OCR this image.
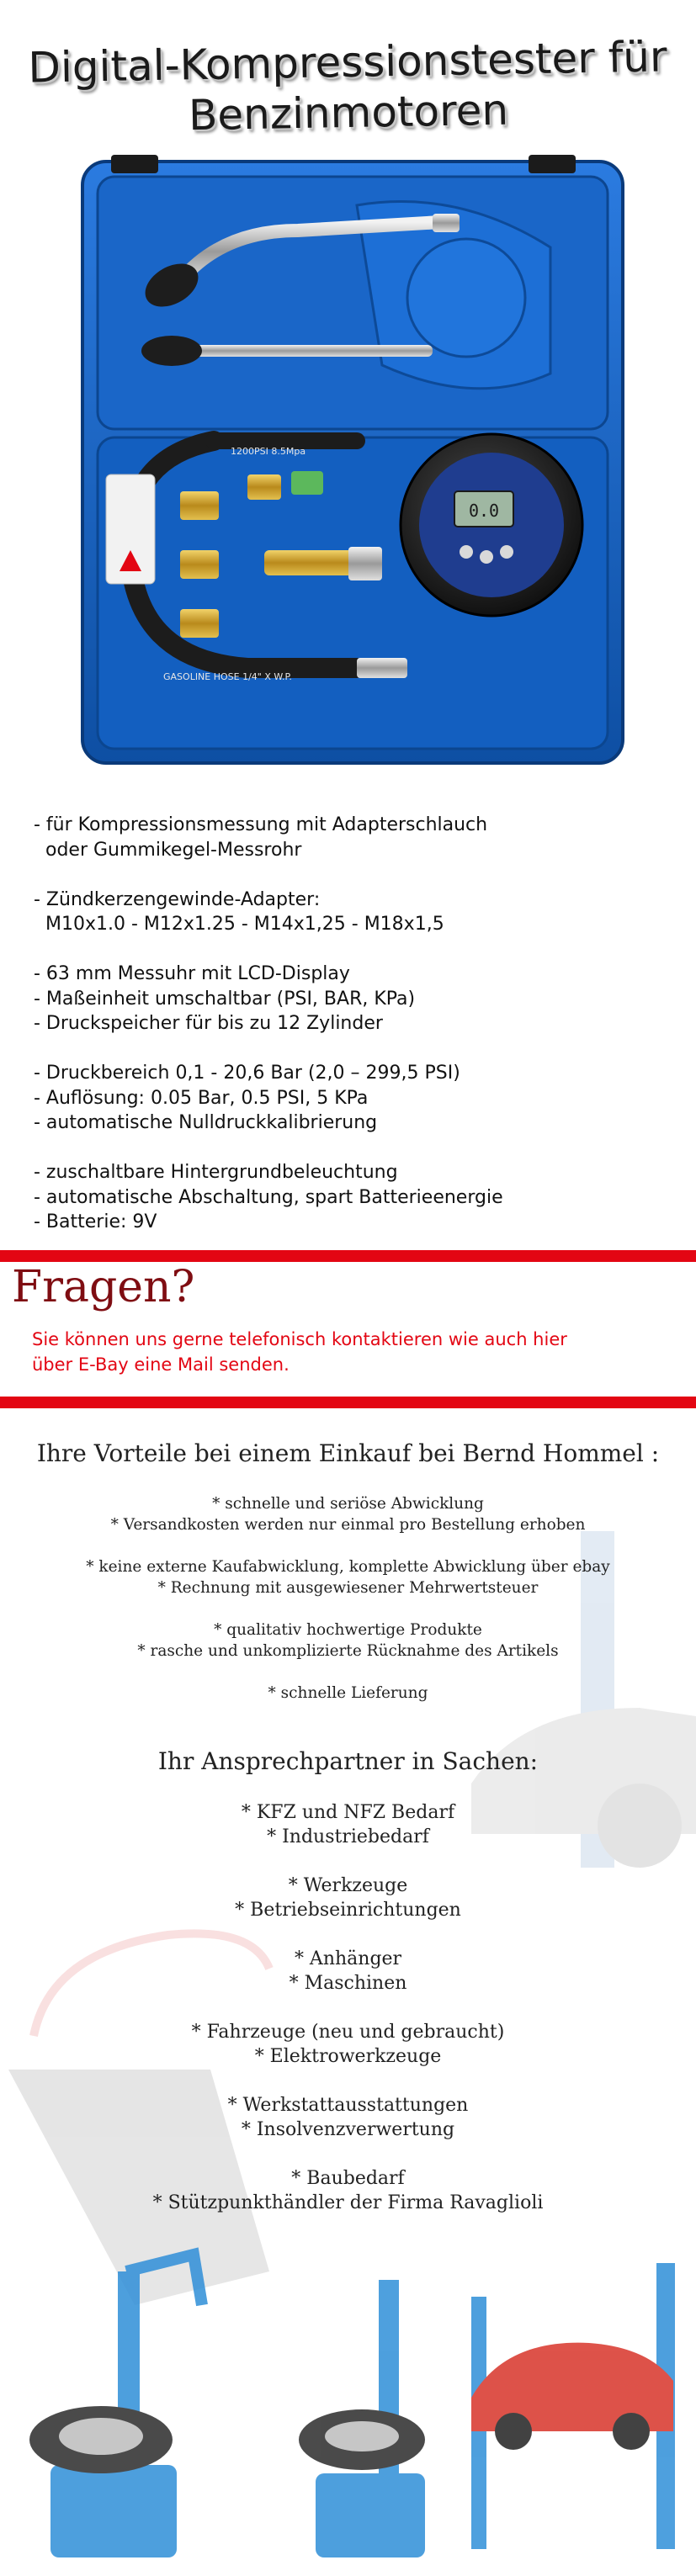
Digital-Kompressionstester für
Benzinmotoren
1200PSI 8.5Mpa
GASOLINE HOSE 1/4" X W.P.
0.0
- für Kompressionsmessung mit Adapterschlauch
oder Gummikegel-Messrohr
- Zündkerzengewinde-Adapter:
M10x1.0 - M12x1.25 - M14x1,25 - M18x1,5
- 63 mm Messuhr mit LCD-Display
- Maßeinheit umschaltbar (PSI, BAR, KPa)
- Druckspeicher für bis zu 12 Zylinder
- Druckbereich 0,1 - 20,6 Bar (2,0 – 299,5 PSI)
- Auflösung: 0.05 Bar, 0.5 PSI, 5 KPa
- automatische Nulldruckkalibrierung
- zuschaltbare Hintergrundbeleuchtung
- automatische Abschaltung, spart Batterieenergie
- Batterie: 9V
Fragen?
Sie können uns gerne telefonisch kontaktieren wie auch hier
über E-Bay eine Mail senden.
Ihre Vorteile bei einem Einkauf bei Bernd Hommel :
* schnelle und seriöse Abwicklung
* Versandkosten werden nur einmal pro Bestellung erhoben
* keine externe Kaufabwicklung, komplette Abwicklung über ebay
* Rechnung mit ausgewiesener Mehrwertsteuer
* qualitativ hochwertige Produkte
* rasche und unkomplizierte Rücknahme des Artikels
* schnelle Lieferung
Ihr Ansprechpartner in Sachen:
* KFZ und NFZ Bedarf
* Industriebedarf
* Werkzeuge
* Betriebseinrichtungen
* Anhänger
* Maschinen
* Fahrzeuge (neu und gebraucht)
* Elektrowerkzeuge
* Werkstattausstattungen
* Insolvenzverwertung
* Baubedarf
* Stützpunkthändler der Firma Ravaglioli
